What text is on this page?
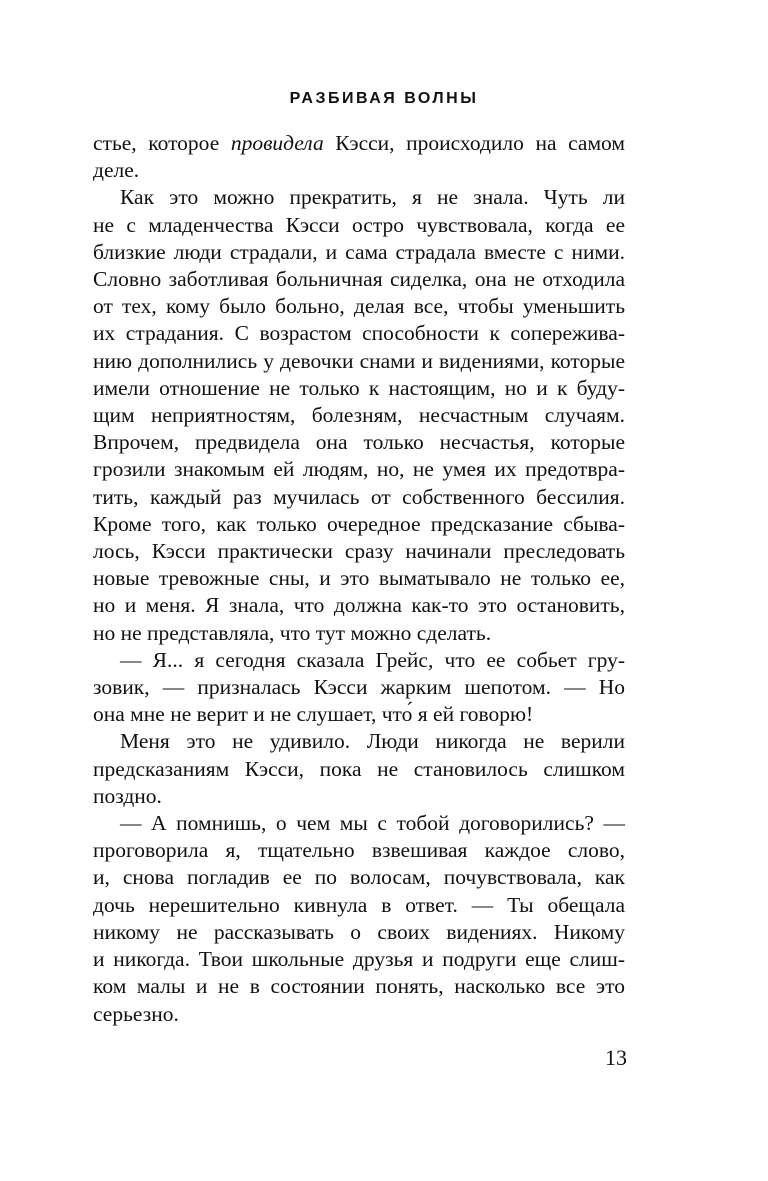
РАЗБИВАЯ ВОЛНЫ

стье, которое провидела Кэсси, происходило на самом
деле.

Как это можно прекратить, я не знала. Чуть ли
не с младенчества Кэсси остро чувствовала, когда ее
близкие люди страдали, и сама страдала вместе с ними.
Словно заботливая больничная сиделка, она не отходила
от тех, кому было больно, делая все, чтобы уменьшить
их страдания. С возрастом способности к сопережива-
нию дополнились у девочки снами и видениями, которые
имели отношение не только к настоящим, но и к буду-
щим неприятностям, болезням, несчастным случаям.
Впрочем, предвидела она только несчастья, которые
грозили знакомым ей людям, но, не умея их предотвра-
тить, каждый раз мучилась от собственного бессилия.
Кроме того, как только очередное предсказание сбыва-
лось, Кэсси практически сразу начинали преследовать
новые тревожные сны, и это выматывало не только ее,
но и меня. Я знала, что должна как-то это остановить,
но не представляла, что тут можно сделать.

— Я... я сегодня сказала Грейс, что ее собьет гру-
зовик, — призналась Кэсси жарким шепотом. — Но
она мне не верит и не слушает, что́ я ей говорю!

Меня это не удивило. Люди никогда не верили
предсказаниям Кэсси, пока не становилось слишком
поздно.

— А помнишь, о чем мы с тобой договорились? —
проговорила я, тщательно взвешивая каждое слово,
и, снова погладив ее по волосам, почувствовала, как
дочь нерешительно кивнула в ответ. — Ты обещала
никому не рассказывать о своих видениях. Никому
и никогда. Твои школьные друзья и подруги еще слиш-
ком малы и не в состоянии понять, насколько все это
серьезно.

13
